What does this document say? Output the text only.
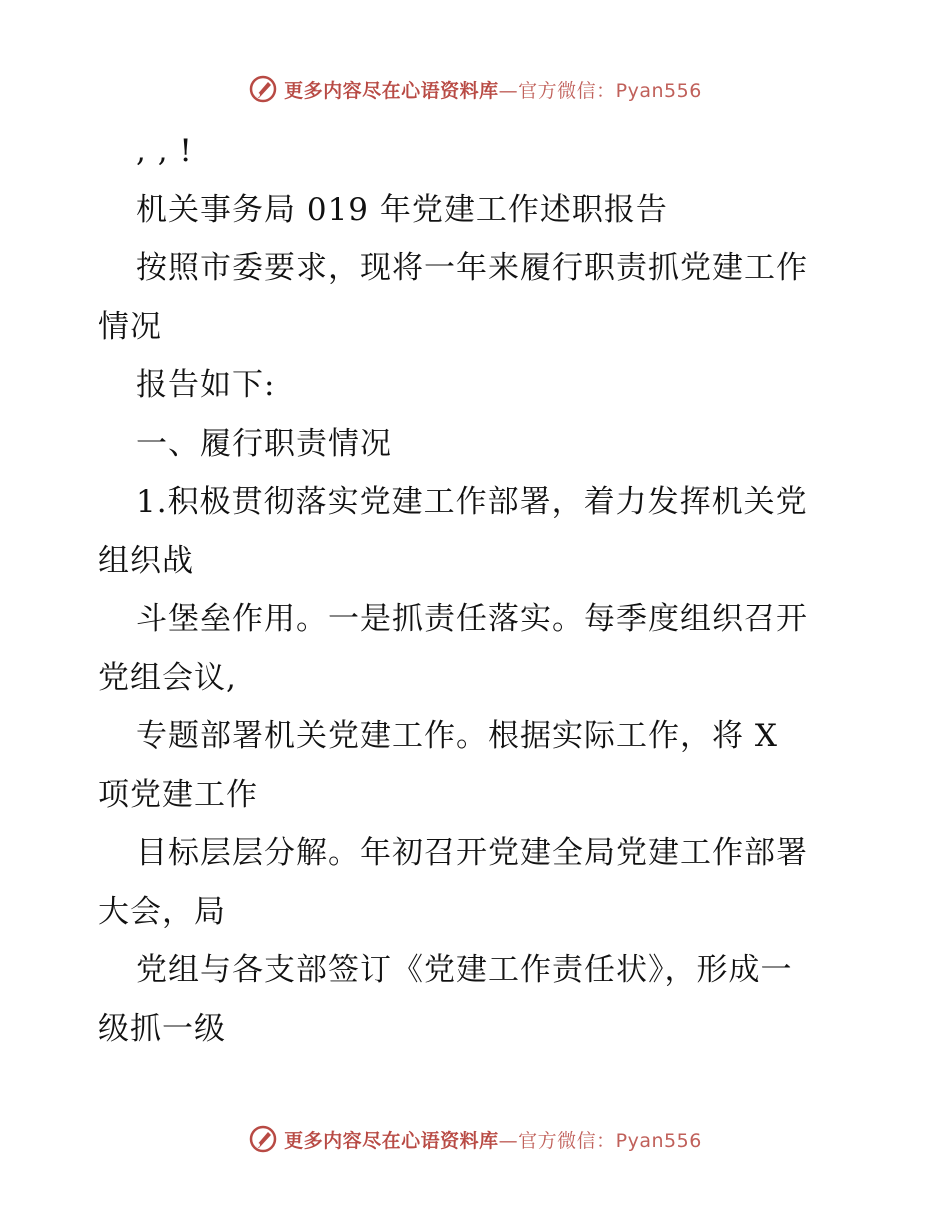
更多内容尽在心语资料库 —官方微信：Pyan556
, , !
机关事务局 019 年党建工作述职报告
按照市委要求，现将一年来履行职责抓党建工作
情况
报告如下:
一、履行职责情况
1.积极贯彻落实党建工作部署，着力发挥机关党
组织战
斗堡垒作用。一是抓责任落实。每季度组织召开
党组会议,
专题部署机关党建工作。根据实际工作，将 X
项党建工作
目标层层分解。年初召开党建全局党建工作部署
大会，局
党组与各支部签订《党建工作责任状》，形成一
级抓一级
更多内容尽在心语资料库 —官方微信：Pyan556
